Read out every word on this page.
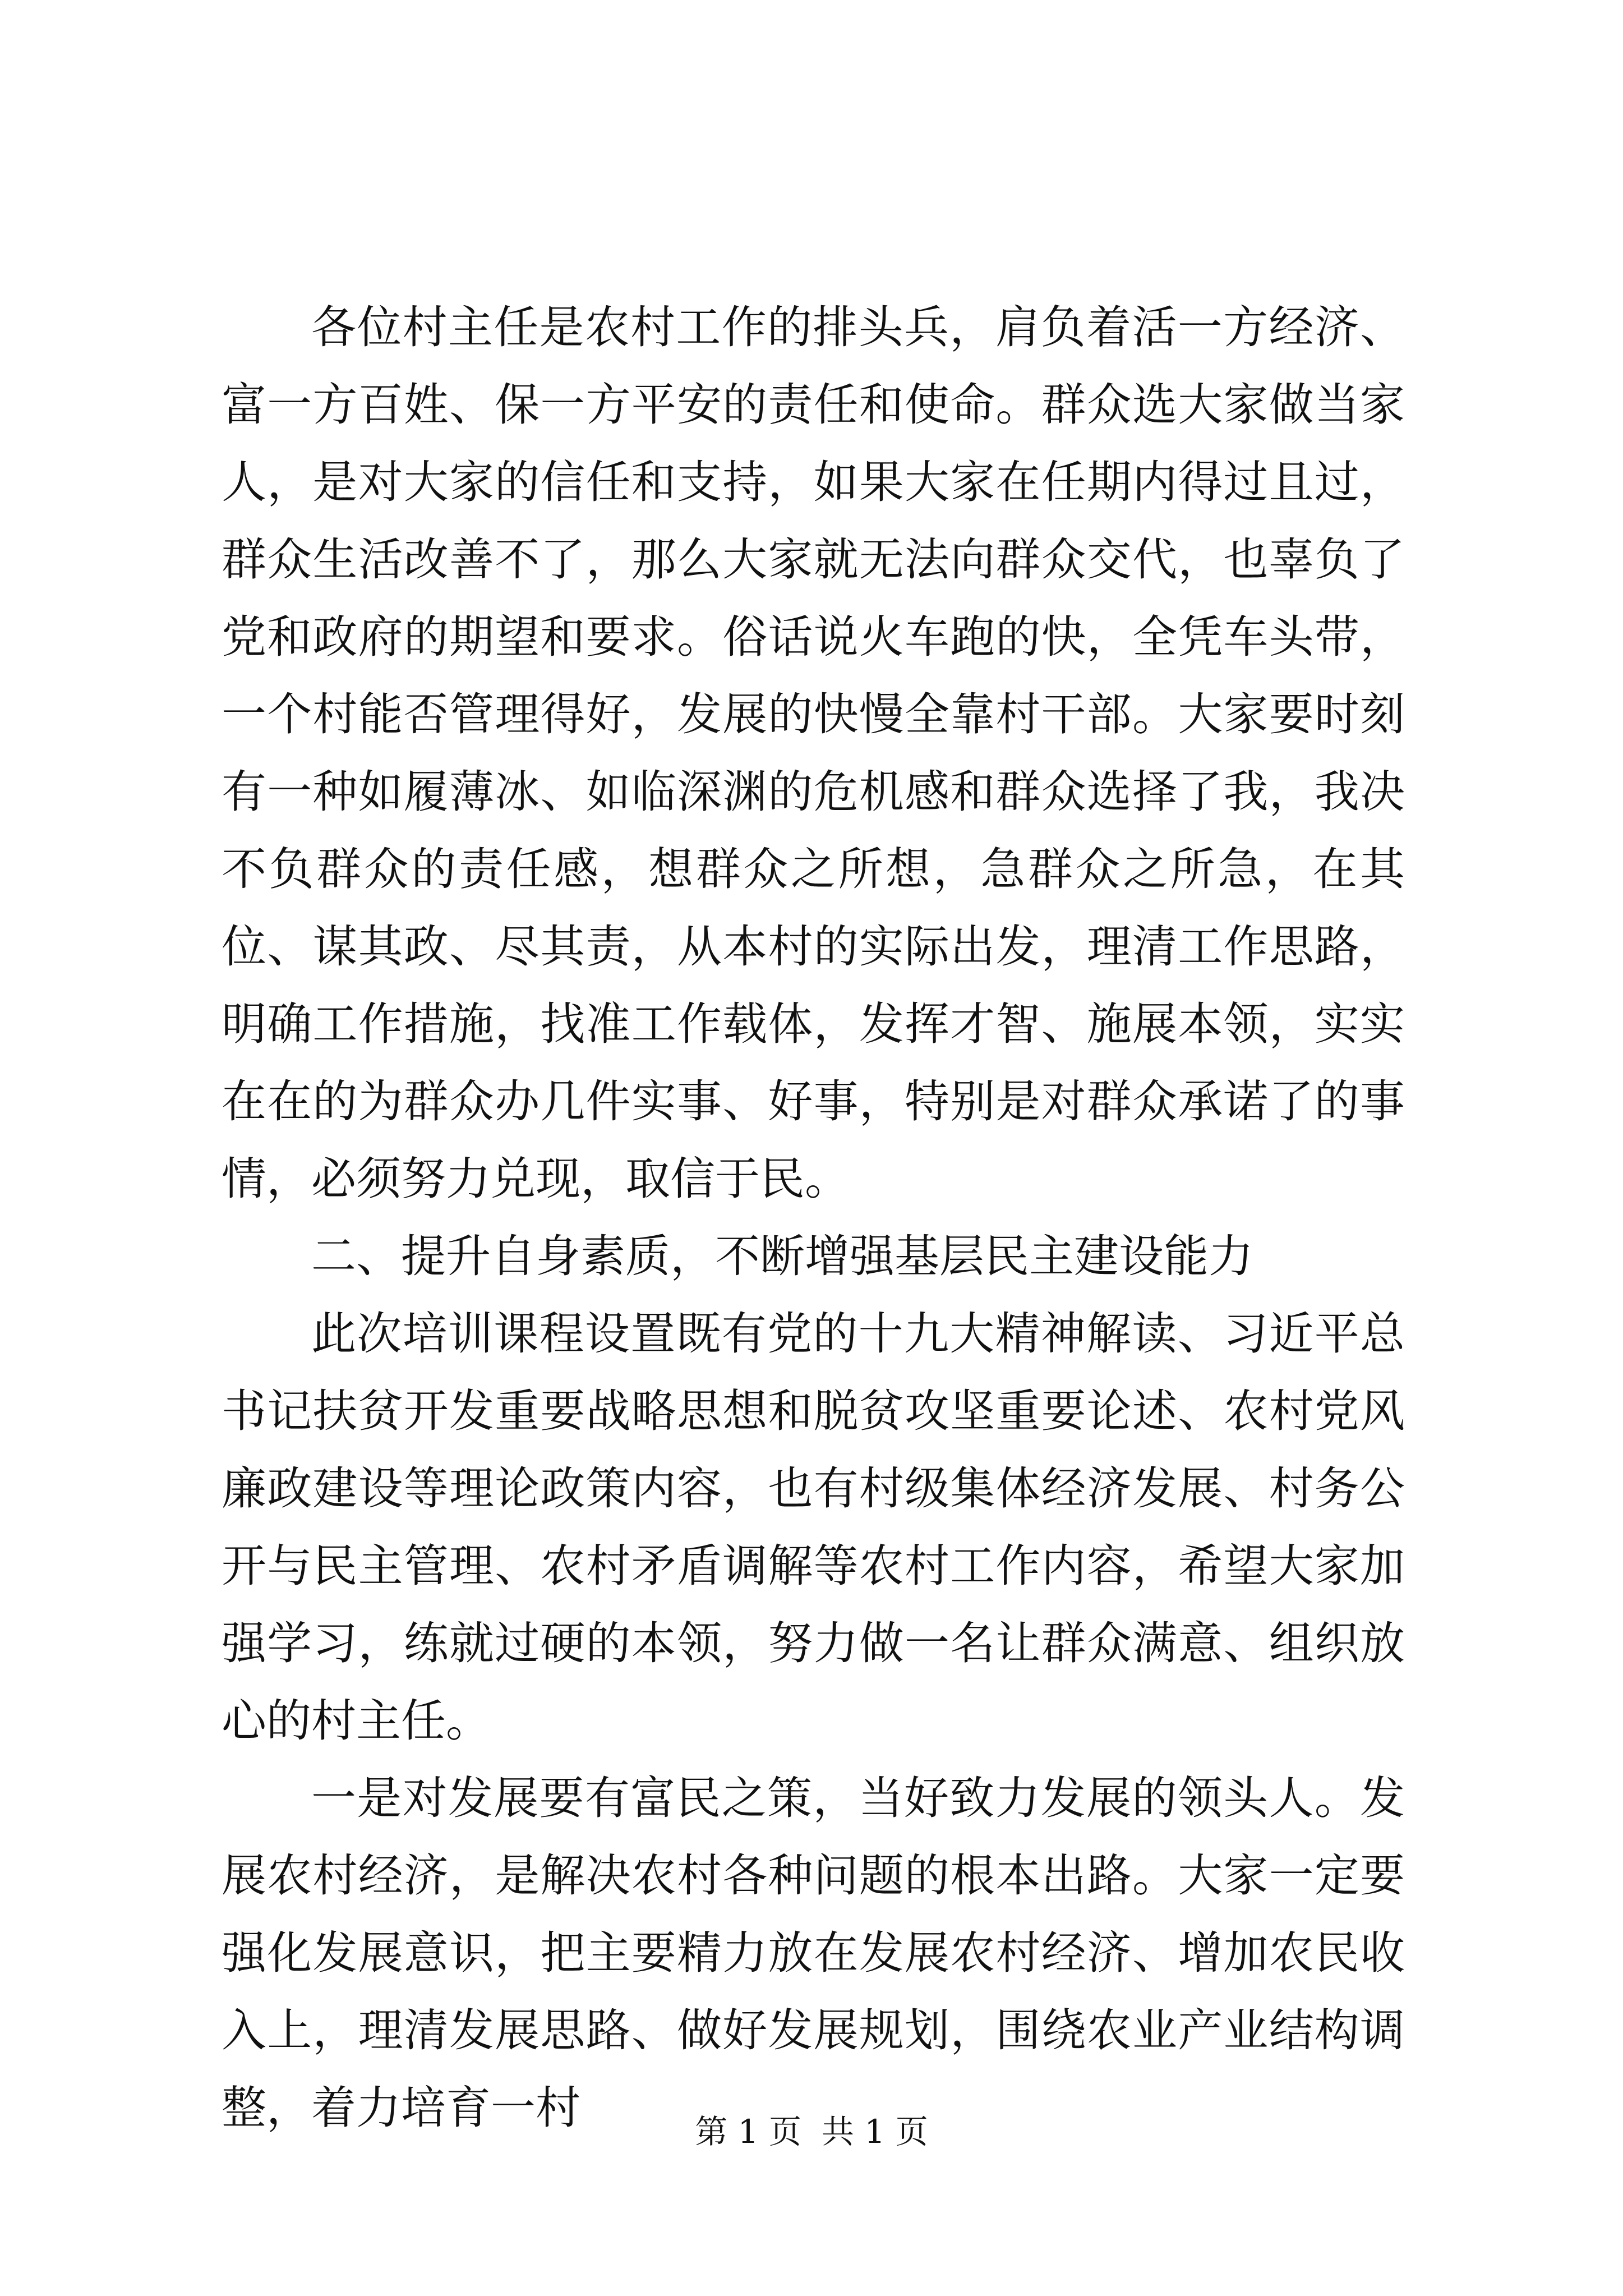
各位村主任是农村工作的排头兵，肩负着活一方经济、富一方百姓、保一方平安的责任和使命。群众选大家做当家人，是对大家的信任和支持，如果大家在任期内得过且过，群众生活改善不了，那么大家就无法向群众交代，也辜负了党和政府的期望和要求。俗话说火车跑的快，全凭车头带，一个村能否管理得好，发展的快慢全靠村干部。大家要时刻有一种如履薄冰、如临深渊的危机感和群众选择了我，我决不负群众的责任感，想群众之所想，急群众之所急，在其位、谋其政、尽其责，从本村的实际出发，理清工作思路，明确工作措施，找准工作载体，发挥才智、施展本领，实实在在的为群众办几件实事、好事，特别是对群众承诺了的事情，必须努力兑现，取信于民。

二、提升自身素质，不断增强基层民主建设能力

此次培训课程设置既有党的十九大精神解读、习近平总书记扶贫开发重要战略思想和脱贫攻坚重要论述、农村党风廉政建设等理论政策内容，也有村级集体经济发展、村务公开与民主管理、农村矛盾调解等农村工作内容，希望大家加强学习，练就过硬的本领，努力做一名让群众满意、组织放心的村主任。

一是对发展要有富民之策，当好致力发展的领头人。发展农村经济，是解决农村各种问题的根本出路。大家一定要强化发展意识，把主要精力放在发展农村经济、增加农民收入上，理清发展思路、做好发展规划，围绕农业产业结构调整，着力培育一村	第 1 页 共 1 页
